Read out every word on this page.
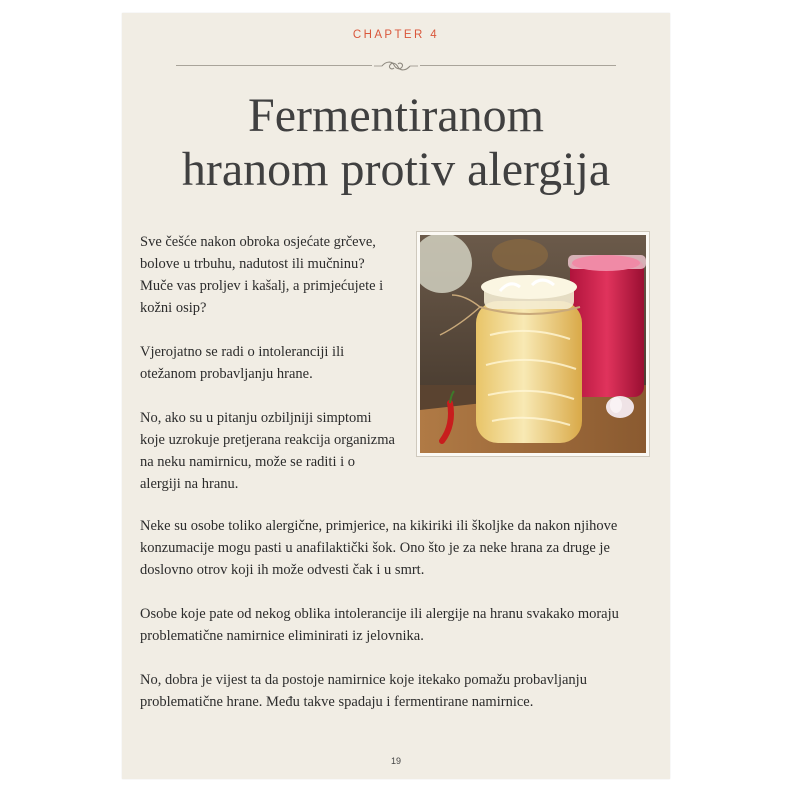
CHAPTER 4
Fermentiranom
hranom protiv alergija

Sve češće nakon obroka osjećate grčeve, bolove u trbuhu, nadutost ili mučninu? Muče vas proljev i kašalj, a primjećujete i kožni osip?

Vjerojatno se radi o intoleranciji ili otežanom probavljanju hrane.

No, ako su u pitanju ozbiljniji simptomi koje uzrokuje pretjerana reakcija organizma na neku namirnicu, može se raditi i o alergiji na hranu.

Neke su osobe toliko alergične, primjerice, na kikiriki ili školjke da nakon njihove konzumacije mogu pasti u anafilaktički šok. Ono što je za neke hrana za druge je doslovno otrov koji ih može odvesti čak i u smrt.

Osobe koje pate od nekog oblika intolerancije ili alergije na hranu svakako moraju problematične namirnice eliminirati iz jelovnika.

No, dobra je vijest ta da postoje namirnice koje itekako pomažu probavljanju problematične hrane. Među takve spadaju i fermentirane namirnice.

19
